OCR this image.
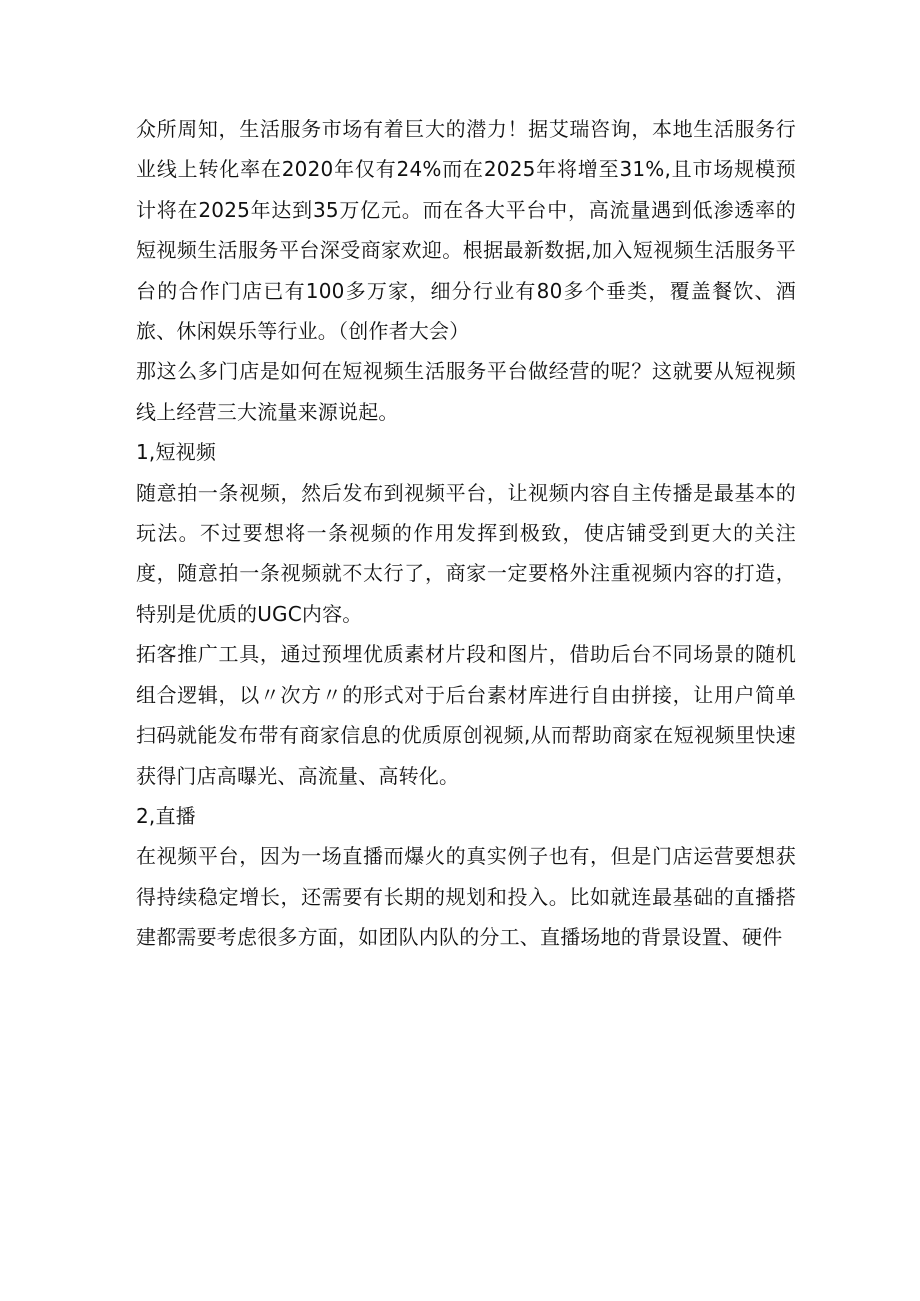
众所周知，生活服务市场有着巨大的潜力！据艾瑞咨询，本地生活服务行业线上转化率在2020年仅有24%而在2025年将增至31%,且市场规模预计将在2025年达到35万亿元。而在各大平台中，高流量遇到低渗透率的短视频生活服务平台深受商家欢迎。根据最新数据,加入短视频生活服务平台的合作门店已有100多万家，细分行业有80多个垂类，覆盖餐饮、酒旅、休闲娱乐等行业。（创作者大会）

那这么多门店是如何在短视频生活服务平台做经营的呢？这就要从短视频线上经营三大流量来源说起。

1,短视频

随意拍一条视频，然后发布到视频平台，让视频内容自主传播是最基本的玩法。不过要想将一条视频的作用发挥到极致，使店铺受到更大的关注度，随意拍一条视频就不太行了，商家一定要格外注重视频内容的打造，特别是优质的UGC内容。

拓客推广工具，通过预埋优质素材片段和图片，借助后台不同场景的随机组合逻辑，以〃次方〃的形式对于后台素材库进行自由拼接，让用户简单扫码就能发布带有商家信息的优质原创视频,从而帮助商家在短视频里快速获得门店高曝光、高流量、高转化。

2,直播

在视频平台，因为一场直播而爆火的真实例子也有，但是门店运营要想获得持续稳定增长，还需要有长期的规划和投入。比如就连最基础的直播搭建都需要考虑很多方面，如团队内队的分工、直播场地的背景设置、硬件
